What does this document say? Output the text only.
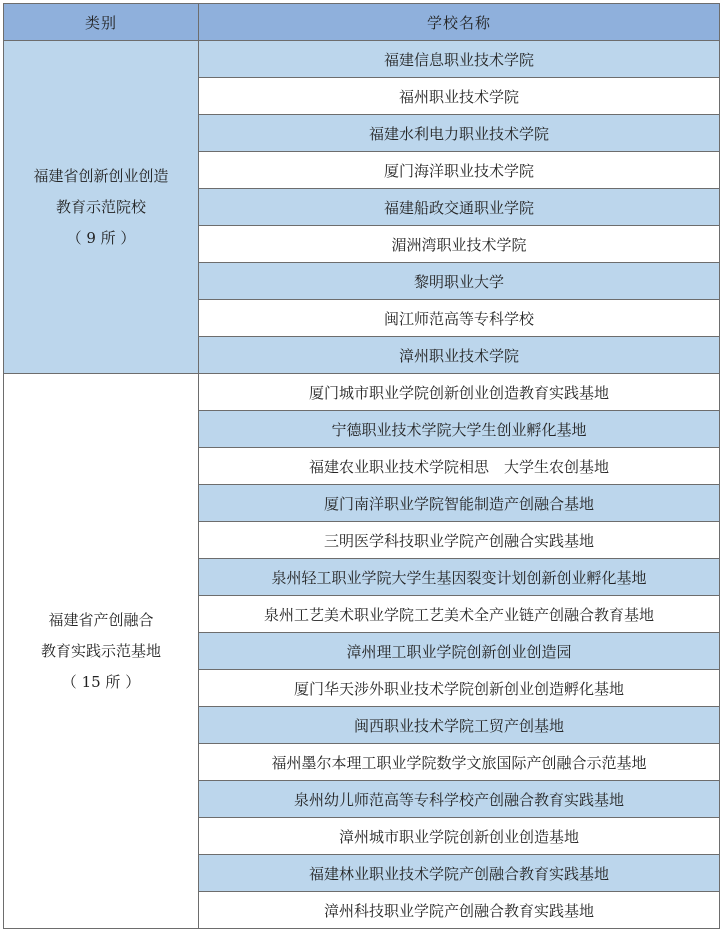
类别	学校名称

福建省创新创业创造
教育示范院校
（ 9 所 ）	福建信息职业技术学院
	福州职业技术学院
	福建水利电力职业技术学院
	厦门海洋职业技术学院
	福建船政交通职业学院
	湄洲湾职业技术学院
	黎明职业大学
	闽江师范高等专科学校
	漳州职业技术学院

福建省产创融合
教育实践示范基地
（ 15 所 ）	厦门城市职业学院创新创业创造教育实践基地
	宁德职业技术学院大学生创业孵化基地
	福建农业职业技术学院相思　大学生农创基地
	厦门南洋职业学院智能制造产创融合基地
	三明医学科技职业学院产创融合实践基地
	泉州轻工职业学院大学生基因裂变计划创新创业孵化基地
	泉州工艺美术职业学院工艺美术全产业链产创融合教育基地
	漳州理工职业学院创新创业创造园
	厦门华天涉外职业技术学院创新创业创造孵化基地
	闽西职业技术学院工贸产创基地
	福州墨尔本理工职业学院数学文旅国际产创融合示范基地
	泉州幼儿师范高等专科学校产创融合教育实践基地
	漳州城市职业学院创新创业创造基地
	福建林业职业技术学院产创融合教育实践基地
	漳州科技职业学院产创融合教育实践基地
